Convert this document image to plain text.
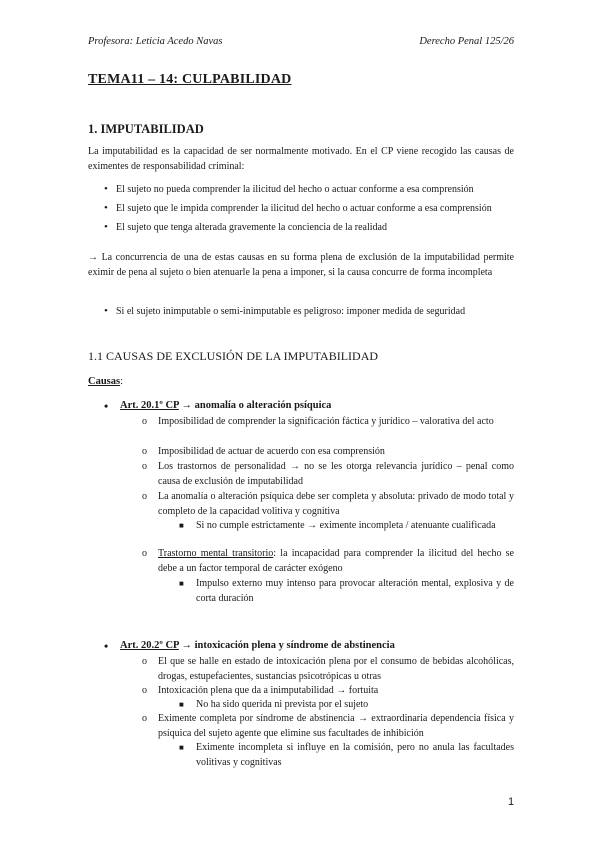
Profesora: Leticia Acedo Navas	Derecho Penal 125/26
TEMA11 – 14: CULPABILIDAD
1. IMPUTABILIDAD
La imputabilidad es la capacidad de ser normalmente motivado. En el CP viene recogido las causas de eximentes de responsabilidad criminal:
• El sujeto no pueda comprender la ilicitud del hecho o actuar conforme a esa comprensión
• El sujeto que le impida comprender la ilicitud del hecho o actuar conforme a esa comprensión
• El sujeto que tenga alterada gravemente la conciencia de la realidad
→ La concurrencia de una de estas causas en su forma plena de exclusión de la imputabilidad permite eximir de pena al sujeto o bien atenuarle la pena a imponer, si la causa concurre de forma incompleta
• Si el sujeto inimputable o semi-inimputable es peligroso: imponer medida de seguridad
1.1 CAUSAS DE EXCLUSIÓN DE LA IMPUTABILIDAD
Causas:
• Art. 20.1º CP → anomalía o alteración psíquica
o Imposibilidad de comprender la significación fáctica y jurídico – valorativa del acto
o Imposibilidad de actuar de acuerdo con esa comprensión
o Los trastornos de personalidad → no se les otorga relevancia jurídico – penal como causa de exclusión de imputabilidad
o La anomalía o alteración psíquica debe ser completa y absoluta: privado de modo total y completo de la capacidad volitiva y cognitiva
■ Si no cumple estrictamente → eximente incompleta / atenuante cualificada
o Trastorno mental transitorio: la incapacidad para comprender la ilicitud del hecho se debe a un factor temporal de carácter exógeno
■ Impulso externo muy intenso para provocar alteración mental, explosiva y de corta duración
• Art. 20.2º CP → intoxicación plena y síndrome de abstinencia
o El que se halle en estado de intoxicación plena por el consumo de bebidas alcohólicas, drogas, estupefacientes, sustancias psicotrópicas u otras
o Intoxicación plena que da a inimputabilidad → fortuita
■ No ha sido querida ni prevista por el sujeto
o Eximente completa por síndrome de abstinencia → extraordinaria dependencia física y psíquica del sujeto agente que elimine sus facultades de inhibición
■ Eximente incompleta si influye en la comisión, pero no anula las facultades volitivas y cognitivas
1
